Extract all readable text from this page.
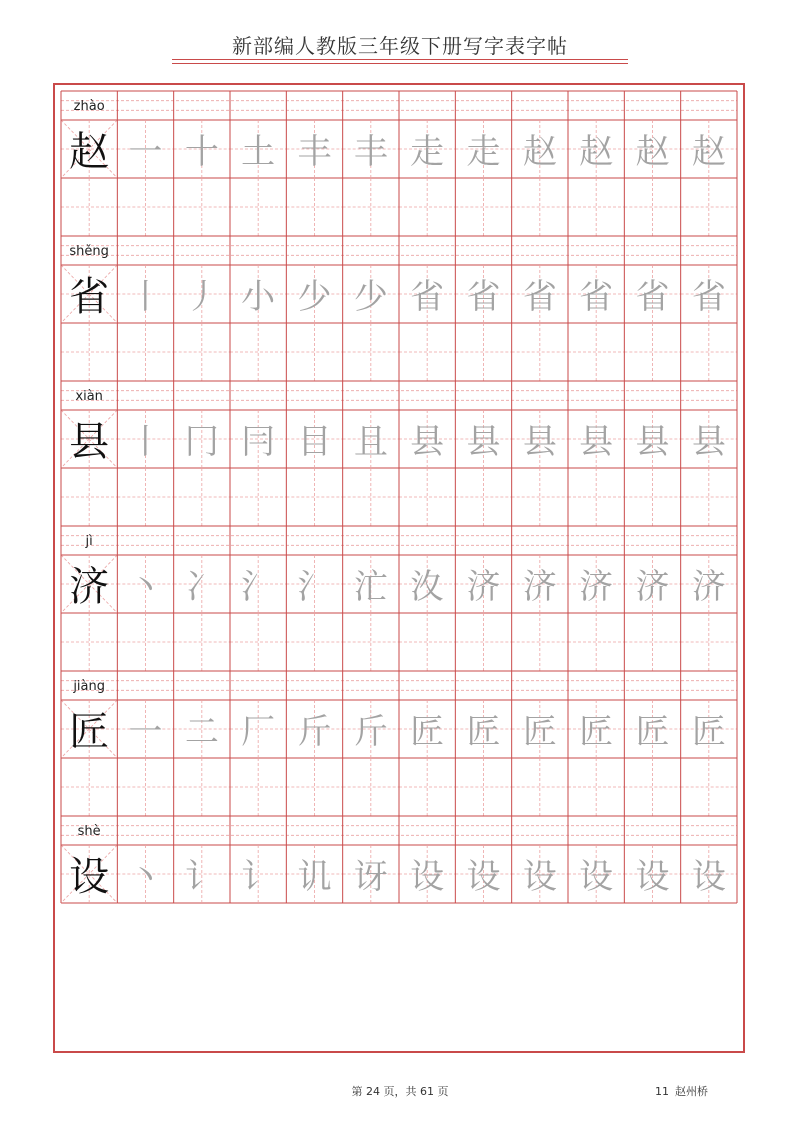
新部编人教版三年级下册写字表字帖
zhào
赵 一 十 土 丰 丰 走 走 赵 赵 赵 赵
shěng
省 丨 丿 小 少 少 省 省 省 省 省 省
xiàn
县 丨 冂 冃 目 且 县 县 县 县 县 县
jì
济 丶 冫 氵 氵 汒 汷 济 济 济 济 济
jiàng
匠 一 二 厂 斤 斤 匠 匠 匠 匠 匠 匠
shè
设 丶 讠 讠 讥 讶 设 设 设 设 设 设
第 24 页，共 61 页	11 赵州桥
